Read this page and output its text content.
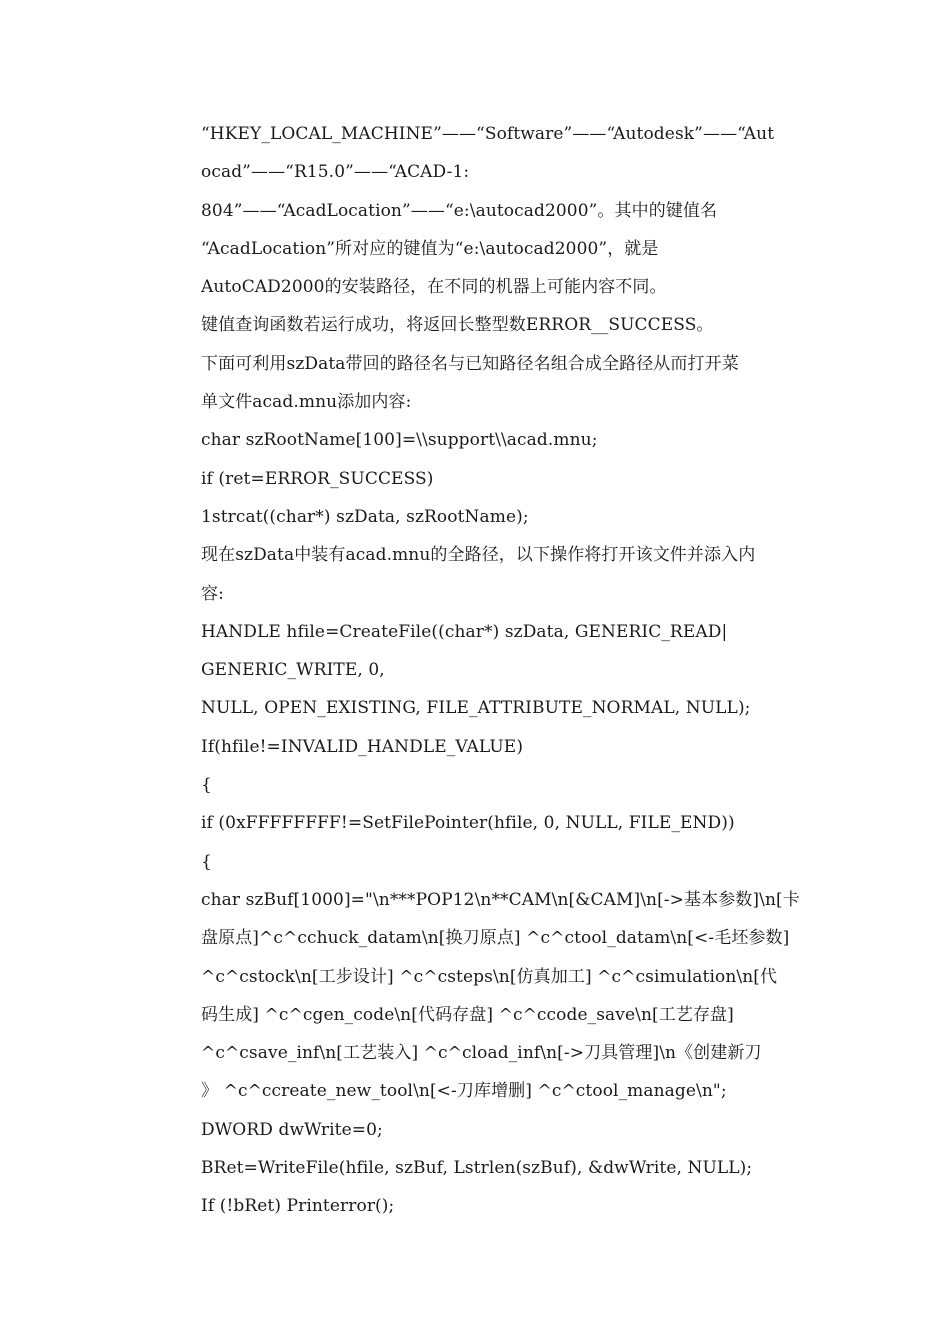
“HKEY_LOCAL_MACHINE”——“Software”——“Autodesk”——“Aut
ocad”——“R15.0”——“ACAD-1:
804”——“AcadLocation”——“e:\autocad2000”。其中的键值名
“AcadLocation”所对应的键值为“e:\autocad2000”，就是
AutoCAD2000的安装路径，在不同的机器上可能内容不同。
键值查询函数若运行成功，将返回长整型数ERROR__SUCCESS。
下面可利用szData带回的路径名与已知路径名组合成全路径从而打开菜
单文件acad.mnu添加内容:
char szRootName[100]=\\support\\acad.mnu;
if (ret=ERROR_SUCCESS)
1strcat((char*) szData, szRootName);
现在szData中装有acad.mnu的全路径，以下操作将打开该文件并添入内
容:
HANDLE hfile=CreateFile((char*) szData, GENERIC_READ|
GENERIC_WRITE, 0,
NULL, OPEN_EXISTING, FILE_ATTRIBUTE_NORMAL, NULL);
If(hfile!=INVALID_HANDLE_VALUE)
{
if (0xFFFFFFFF!=SetFilePointer(hfile, 0, NULL, FILE_END))
{
char szBuf[1000]="\n***POP12\n**CAM\n[&CAM]\n[->基本参数]\n[卡
盘原点]^c^cchuck_datam\n[换刀原点] ^c^ctool_datam\n[<-毛坯参数]
^c^cstock\n[工步设计] ^c^csteps\n[仿真加工] ^c^csimulation\n[代
码生成] ^c^cgen_code\n[代码存盘] ^c^ccode_save\n[工艺存盘]
^c^csave_inf\n[工艺装入] ^c^cload_inf\n[->刀具管理]\n《创建新刀
》 ^c^ccreate_new_tool\n[<-刀库增删] ^c^ctool_manage\n";
DWORD dwWrite=0;
BRet=WriteFile(hfile, szBuf, Lstrlen(szBuf), &dwWrite, NULL);
If (!bRet) Printerror();
